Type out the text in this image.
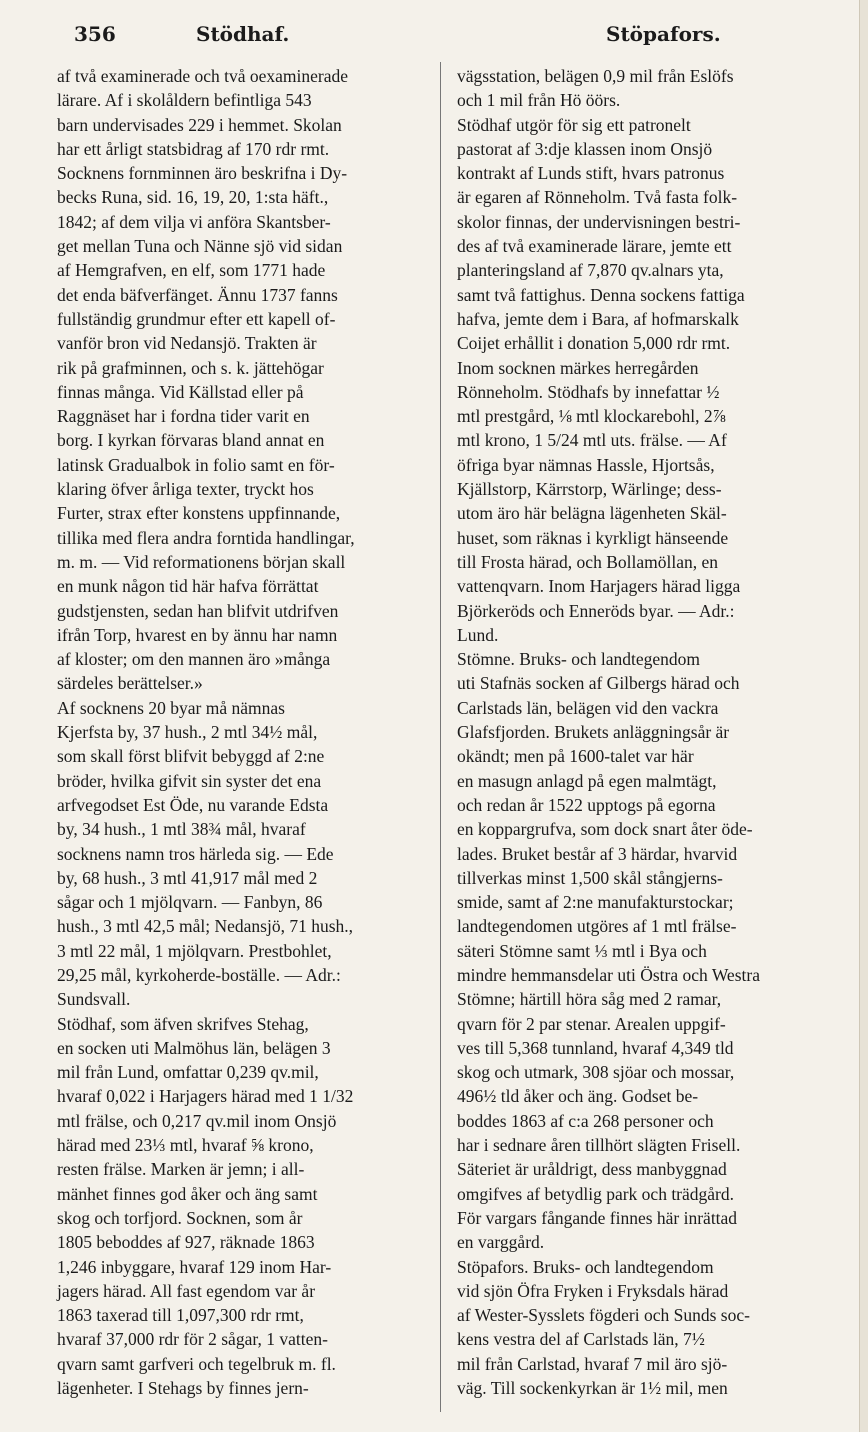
356	Stödhaf.	Stöpafors.
af två examinerade och två oexaminerade
lärare. Af i skolåldern befintliga 543
barn undervisades 229 i hemmet. Skolan
har ett årligt statsbidrag af 170 rdr rmt.
Socknens fornminnen äro beskrifna i Dy-
becks Runa, sid. 16, 19, 20, 1:sta häft.,
1842; af dem vilja vi anföra Skantsber-
get mellan Tuna och Nänne sjö vid sidan
af Hemgrafven, en elf, som 1771 hade
det enda bäfverfänget. Ännu 1737 fanns
fullständig grundmur efter ett kapell of-
vanför bron vid Nedansjö. Trakten är
rik på grafminnen, och s. k. jättehögar
finnas många. Vid Källstad eller på
Raggnäset har i fordna tider varit en
borg. I kyrkan förvaras bland annat en
latinsk Gradualbok in folio samt en för-
klaring öfver årliga texter, tryckt hos
Furter, strax efter konstens uppfinnande,
tillika med flera andra forntida handlingar,
m. m. — Vid reformationens början skall
en munk någon tid här hafva förrättat
gudstjensten, sedan han blifvit utdrifven
ifrån Torp, hvarest en by ännu har namn
af kloster; om den mannen äro »många
särdeles berättelser.»
Af socknens 20 byar må nämnas
Kjerfsta by, 37 hush., 2 mtl 34½ mål,
som skall först blifvit bebyggd af 2:ne
bröder, hvilka gifvit sin syster det ena
arfvegodset Est Öde, nu varande Edsta
by, 34 hush., 1 mtl 38¾ mål, hvaraf
socknens namn tros härleda sig. — Ede
by, 68 hush., 3 mtl 41,917 mål med 2
sågar och 1 mjölqvarn. — Fanbyn, 86
hush., 3 mtl 42,5 mål; Nedansjö, 71 hush.,
3 mtl 22 mål, 1 mjölqvarn. Prestbohlet,
29,25 mål, kyrkoherde-boställe. — Adr.:
Sundsvall.
Stödhaf, som äfven skrifves Stehag,
en socken uti Malmöhus län, belägen 3
mil från Lund, omfattar 0,239 qv.mil,
hvaraf 0,022 i Harjagers härad med 1 1/32
mtl frälse, och 0,217 qv.mil inom Onsjö
härad med 23⅓ mtl, hvaraf ⅝ krono,
resten frälse. Marken är jemn; i all-
mänhet finnes god åker och äng samt
skog och torfjord. Socknen, som år
1805 beboddes af 927, räknade 1863
1,246 inbyggare, hvaraf 129 inom Har-
jagers härad. All fast egendom var år
1863 taxerad till 1,097,300 rdr rmt,
hvaraf 37,000 rdr för 2 sågar, 1 vatten-
qvarn samt garfveri och tegelbruk m. fl.
lägenheter. I Stehags by finnes jern-
vägsstation, belägen 0,9 mil från Eslöfs
och 1 mil från Hö öörs.
Stödhaf utgör för sig ett patronelt
pastorat af 3:dje klassen inom Onsjö
kontrakt af Lunds stift, hvars patronus
är egaren af Rönneholm. Två fasta folk-
skolor finnas, der undervisningen bestri-
des af två examinerade lärare, jemte ett
planteringsland af 7,870 qv.alnars yta,
samt två fattighus. Denna sockens fattiga
hafva, jemte dem i Bara, af hofmarskalk
Coijet erhållit i donation 5,000 rdr rmt.
Inom socknen märkes herregården
Rönneholm. Stödhafs by innefattar ½
mtl prestgård, ⅛ mtl klockarebohl, 2⅞
mtl krono, 1 5/24 mtl uts. frälse. — Af
öfriga byar nämnas Hassle, Hjortsås,
Kjällstorp, Kärrstorp, Wärlinge; dess-
utom äro här belägna lägenheten Skäl-
huset, som räknas i kyrkligt hänseende
till Frosta härad, och Bollamöllan, en
vattenqvarn. Inom Harjagers härad ligga
Björkeröds och Enneröds byar. — Adr.:
Lund.
Stömne. Bruks- och landtegendom
uti Stafnäs socken af Gilbergs härad och
Carlstads län, belägen vid den vackra
Glafsfjorden. Brukets anläggningsår är
okändt; men på 1600-talet var här
en masugn anlagd på egen malmtägt,
och redan år 1522 upptogs på egorna
en koppargrufva, som dock snart åter öde-
lades. Bruket består af 3 härdar, hvarvid
tillverkas minst 1,500 skål stångjerns-
smide, samt af 2:ne manufakturstockar;
landtegendomen utgöres af 1 mtl frälse-
säteri Stömne samt ⅓ mtl i Bya och
mindre hemmansdelar uti Östra och Westra
Stömne; härtill höra såg med 2 ramar,
qvarn för 2 par stenar. Arealen uppgif-
ves till 5,368 tunnland, hvaraf 4,349 tld
skog och utmark, 308 sjöar och mossar,
496½ tld åker och äng. Godset be-
boddes 1863 af c:a 268 personer och
har i sednare åren tillhört slägten Frisell.
Säteriet är uråldrigt, dess manbyggnad
omgifves af betydlig park och trädgård.
För vargars fångande finnes här inrättad
en varggård.
Stöpafors. Bruks- och landtegendom
vid sjön Öfra Fryken i Fryksdals härad
af Wester-Sysslets fögderi och Sunds soc-
kens vestra del af Carlstads län, 7½
mil från Carlstad, hvaraf 7 mil äro sjö-
väg. Till sockenkyrkan är 1½ mil, men
